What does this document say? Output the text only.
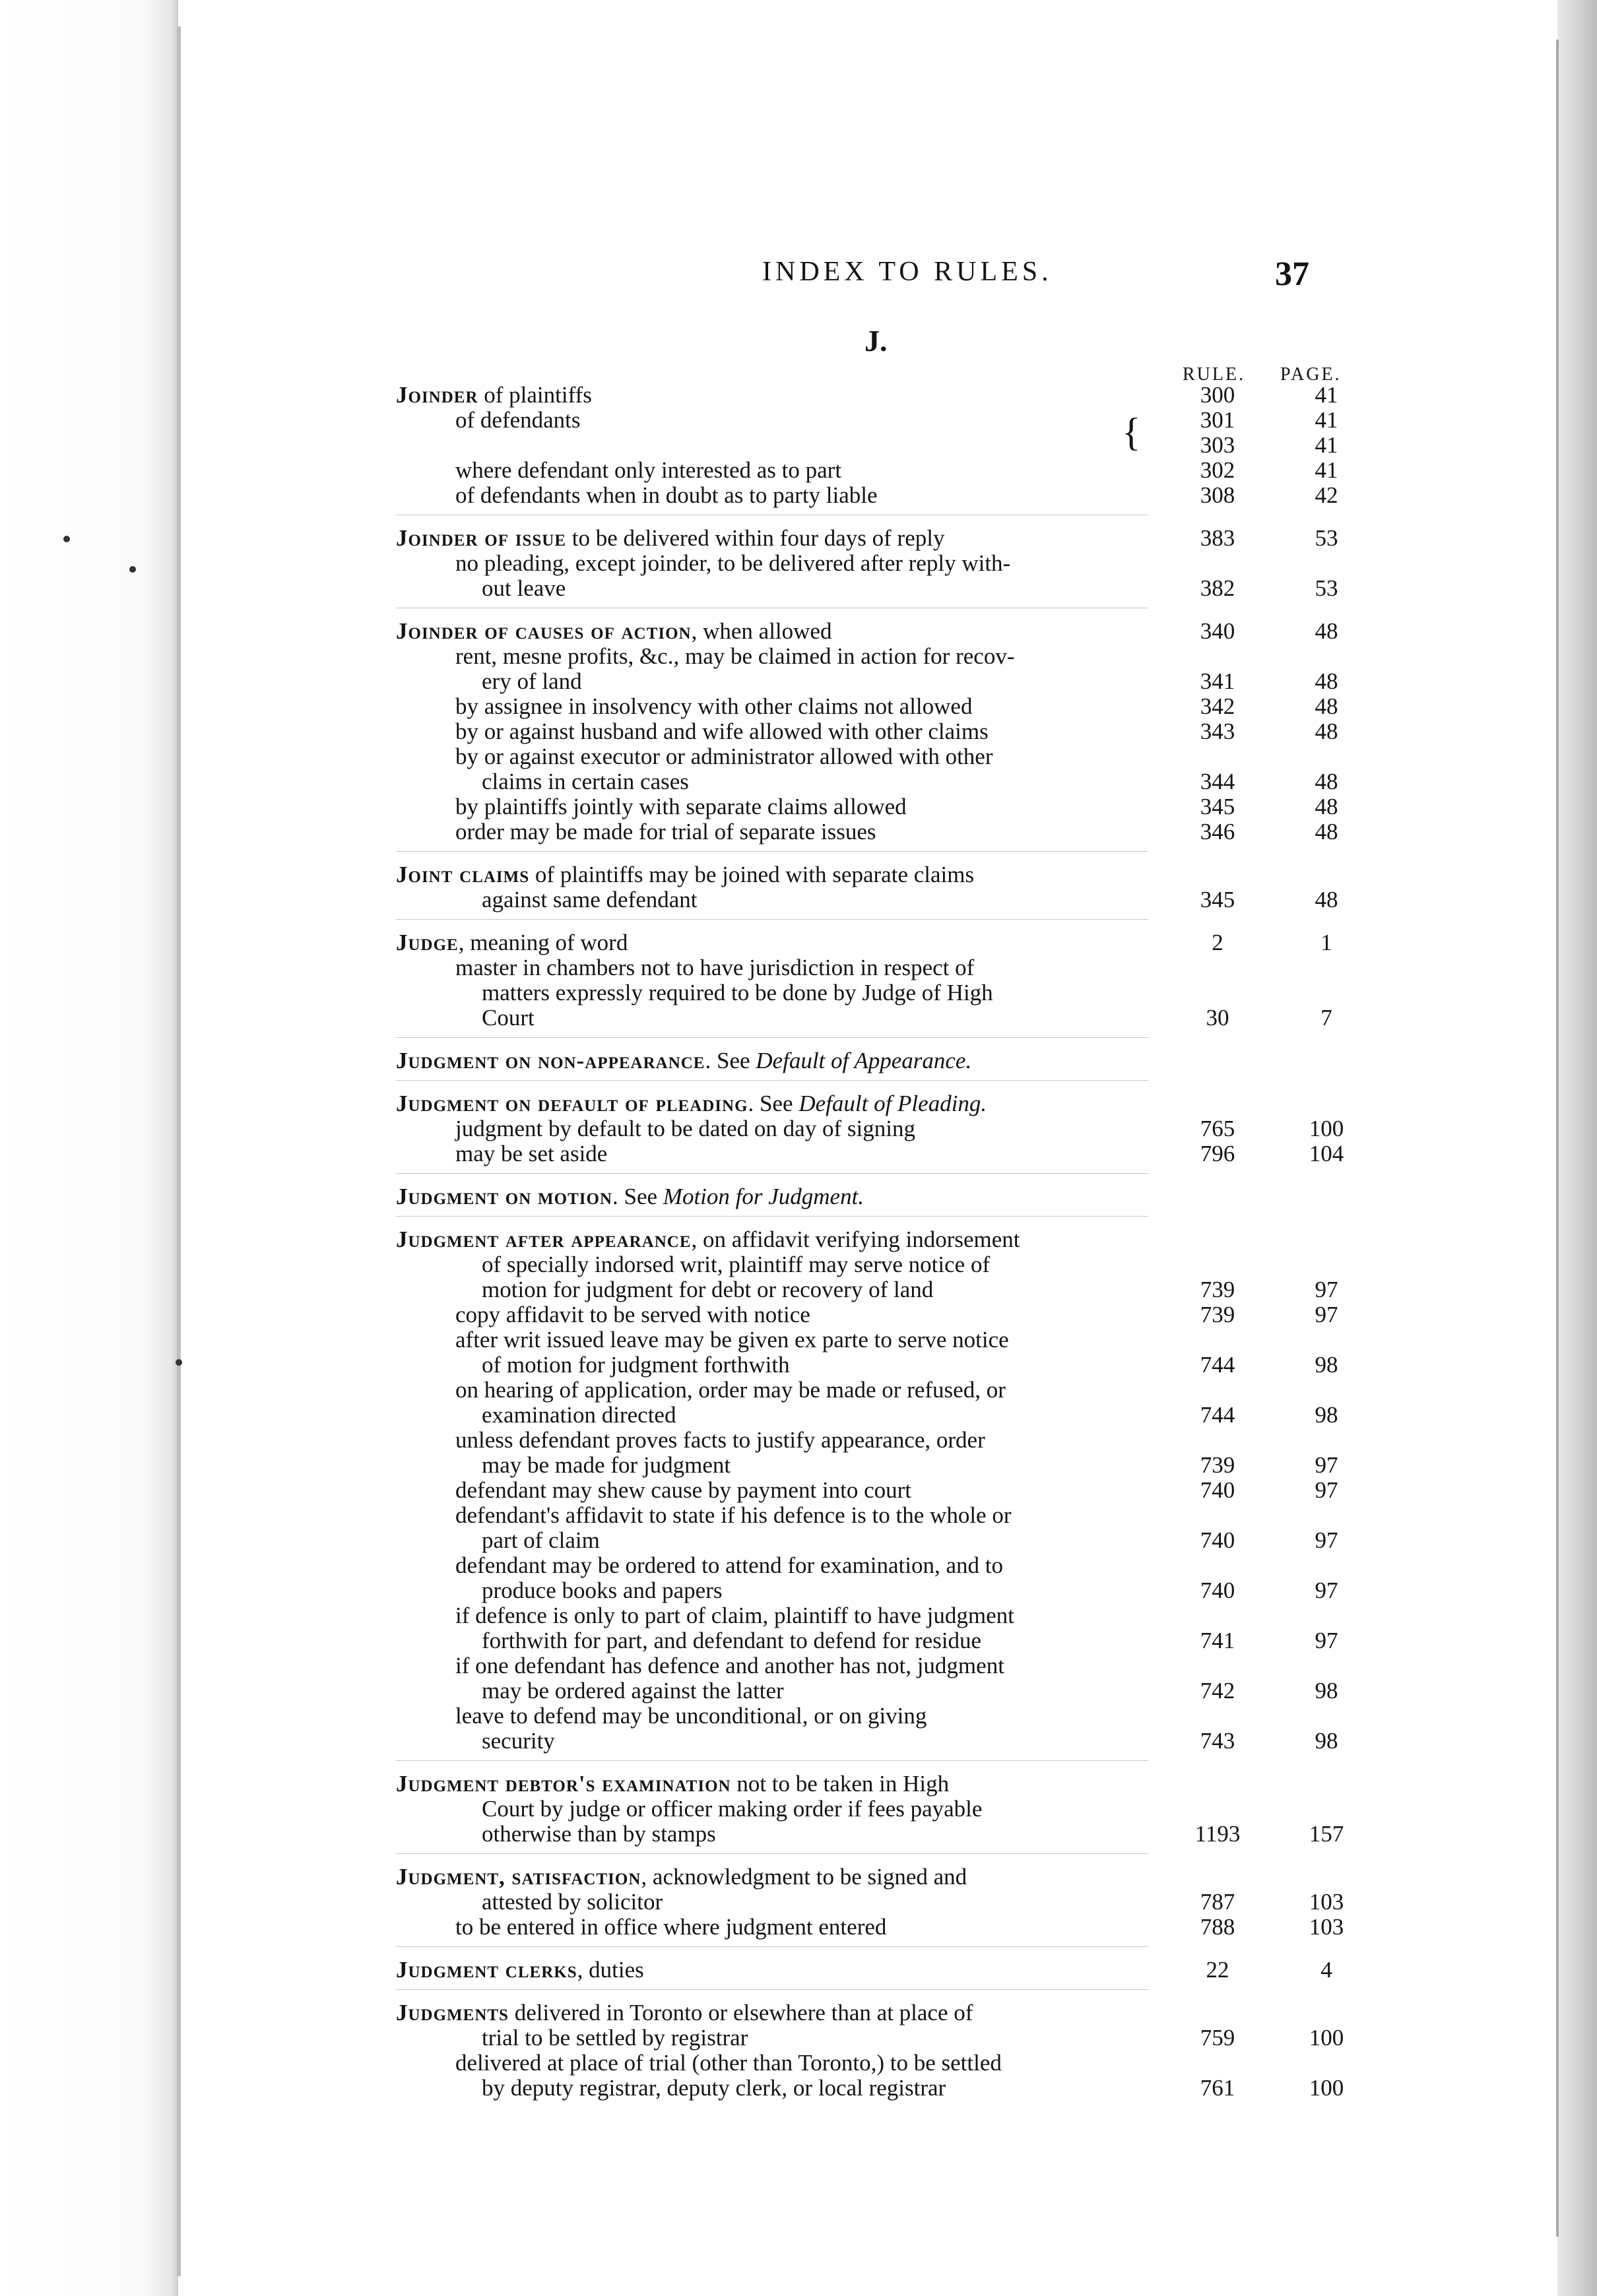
INDEX TO RULES.	37
J.
RULE. PAGE.
Joinder of plaintiffs	300	41
of defendants	{	301	41
303	41
where defendant only interested as to part	302	41
of defendants when in doubt as to party liable	308	42
Joinder of issue to be delivered within four days of reply	383	53
no pleading, except joinder, to be delivered after reply with-
out leave	382	53
Joinder of causes of action, when allowed	340	48
rent, mesne profits, &c., may be claimed in action for recov-
ery of land	341	48
by assignee in insolvency with other claims not allowed	342	48
by or against husband and wife allowed with other claims	343	48
by or against executor or administrator allowed with other
claims in certain cases	344	48
by plaintiffs jointly with separate claims allowed	345	48
order may be made for trial of separate issues	346	48
Joint claims of plaintiffs may be joined with separate claims
against same defendant	345	48
Judge, meaning of word	2	1
master in chambers not to have jurisdiction in respect of
matters expressly required to be done by Judge of High
Court	30	7
Judgment on non-appearance. See Default of Appearance.
Judgment on default of pleading. See Default of Pleading.
judgment by default to be dated on day of signing	765	100
may be set aside	796	104
Judgment on motion. See Motion for Judgment.
Judgment after appearance, on affidavit verifying indorsement
of specially indorsed writ, plaintiff may serve notice of
motion for judgment for debt or recovery of land	739	97
copy affidavit to be served with notice	739	97
after writ issued leave may be given ex parte to serve notice
of motion for judgment forthwith	744	98
on hearing of application, order may be made or refused, or
examination directed	744	98
unless defendant proves facts to justify appearance, order
may be made for judgment	739	97
defendant may shew cause by payment into court	740	97
defendant's affidavit to state if his defence is to the whole or
part of claim	740	97
defendant may be ordered to attend for examination, and to
produce books and papers	740	97
if defence is only to part of claim, plaintiff to have judgment
forthwith for part, and defendant to defend for residue	741	97
if one defendant has defence and another has not, judgment
may be ordered against the latter	742	98
leave to defend may be unconditional, or on giving
security	743	98
Judgment debtor's examination not to be taken in High
Court by judge or officer making order if fees payable
otherwise than by stamps	1193	157
Judgment, satisfaction, acknowledgment to be signed and
attested by solicitor	787	103
to be entered in office where judgment entered	788	103
Judgment clerks, duties	22	4
Judgments delivered in Toronto or elsewhere than at place of
trial to be settled by registrar	759	100
delivered at place of trial (other than Toronto,) to be settled
by deputy registrar, deputy clerk, or local registrar	761	100
